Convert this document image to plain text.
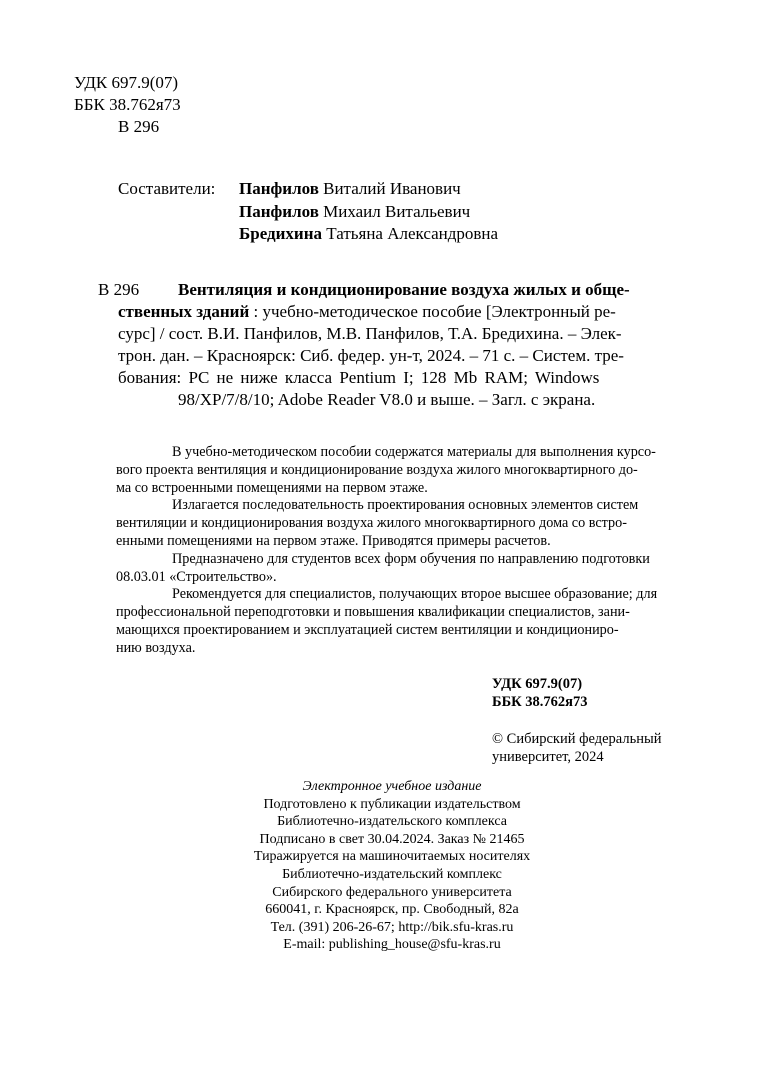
УДК 697.9(07)
ББК 38.762я73
В 296
Составители: Панфилов Виталий Иванович
Панфилов Михаил Витальевич
Бредихина Татьяна Александровна
В 296 Вентиляция и кондиционирование воздуха жилых и обще-
ственных зданий : учебно-методическое пособие [Электронный ре-
сурс] / сост. В.И. Панфилов, М.В. Панфилов, Т.А. Бредихина. – Элек-
трон. дан. – Красноярск: Сиб. федер. ун-т, 2024. – 71 с. – Систем. тре-
бования: PC не ниже класса Pentium I; 128 Mb RAM; Windows
98/XP/7/8/10; Adobe Reader V8.0 и выше. – Загл. с экрана.

В учебно-методическом пособии содержатся материалы для выполнения курсо-
вого проекта вентиляция и кондиционирование воздуха жилого многоквартирного до-
ма со встроенными помещениями на первом этаже.

Излагается последовательность проектирования основных элементов систем
вентиляции и кондиционирования воздуха жилого многоквартирного дома со встро-
енными помещениями на первом этаже. Приводятся примеры расчетов.

Предназначено для студентов всех форм обучения по направлению подготовки
08.03.01 «Строительство».

Рекомендуется для специалистов, получающих второе высшее образование; для
профессиональной переподготовки и повышения квалификации специалистов, зани-
мающихся проектированием и эксплуатацией систем вентиляции и кондициониро-
нию воздуха.

УДК 697.9(07)
ББК 38.762я73
© Сибирский федеральный
университет, 2024
Электронное учебное издание
Подготовлено к публикации издательством
Библиотечно-издательского комплекса
Подписано в свет 30.04.2024. Заказ № 21465
Тиражируется на машиночитаемых носителях
Библиотечно-издательский комплекс
Сибирского федерального университета
660041, г. Красноярск, пр. Свободный, 82а
Тел. (391) 206-26-67; http://bik.sfu-kras.ru
E-mail: publishing_house@sfu-kras.ru
